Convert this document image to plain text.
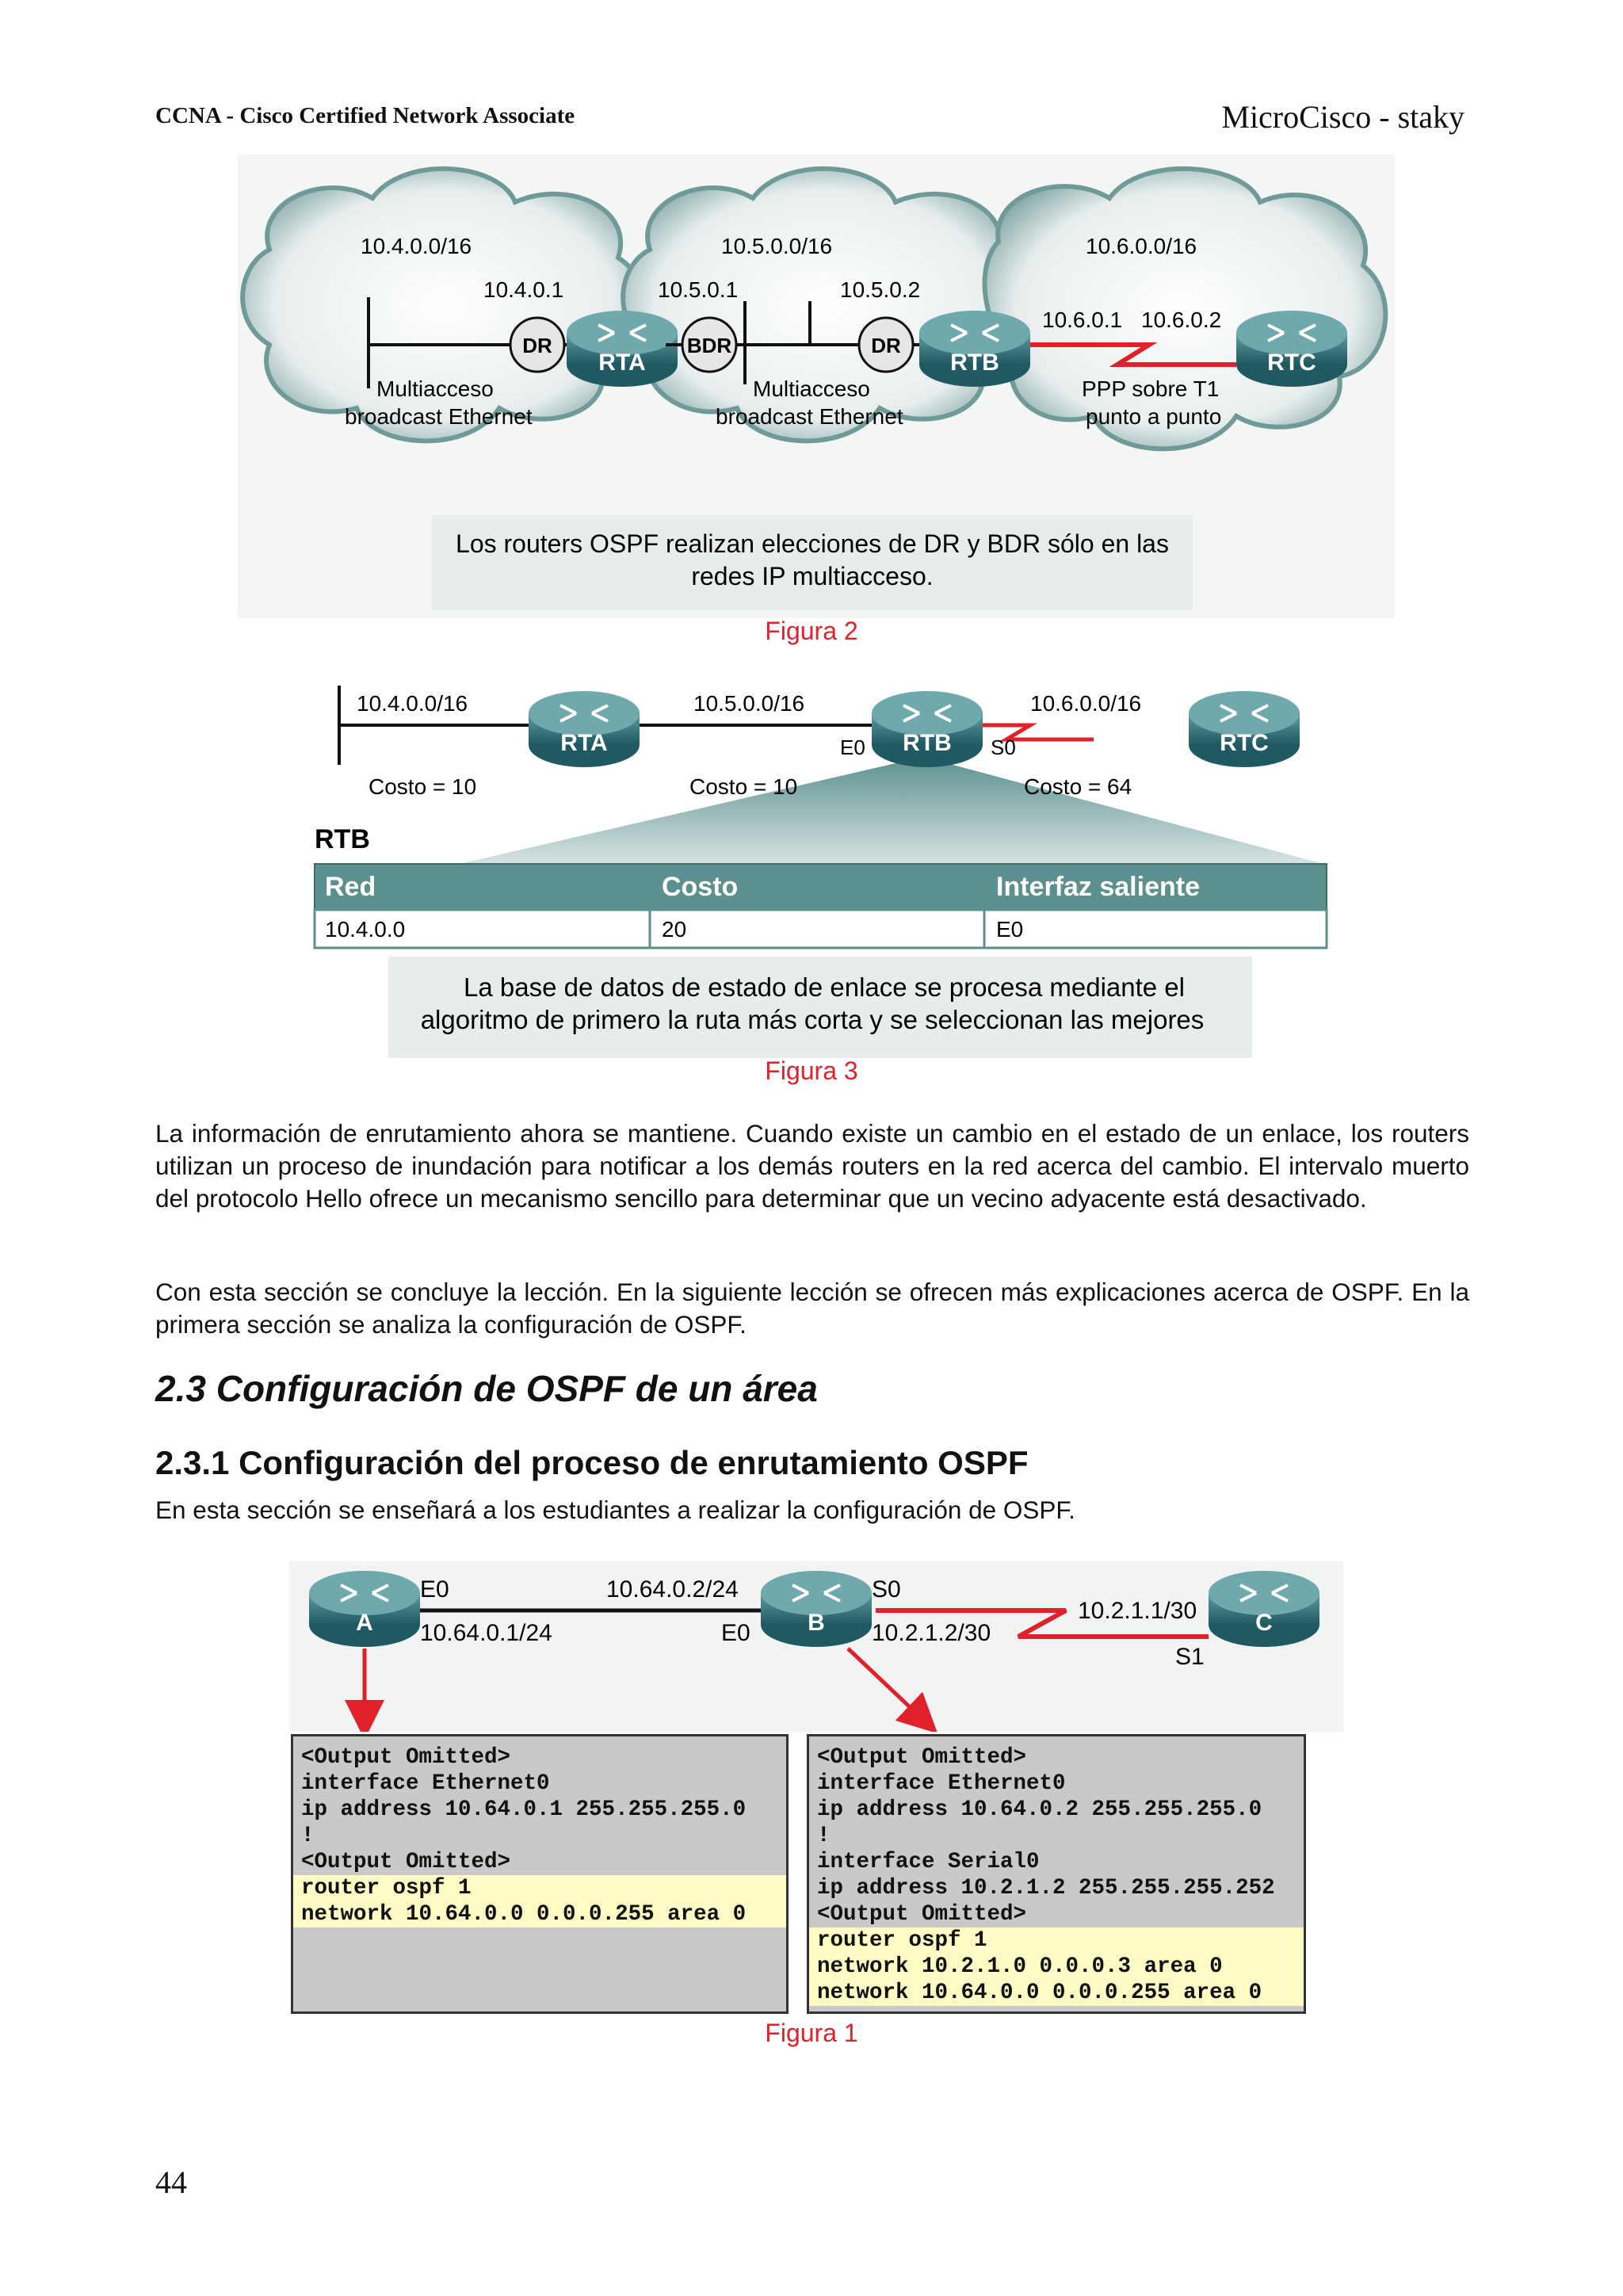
CCNA - Cisco Certified Network Associate	MicroCisco - staky
10.4.0.0/16
10.4.0.1
DR
RTA
Multiacceso
broadcast Ethernet
10.5.0.0/16
10.5.0.1	10.5.0.2
BDR	DR
RTB
Multiacceso
broadcast Ethernet
10.6.0.0/16
10.6.0.1 10.6.0.2
RTC
PPP sobre T1
punto a punto
Los routers OSPF realizan elecciones de DR y BDR sólo en las
redes IP multiacceso.
Figura 2
10.4.0.0/16	10.5.0.0/16	10.6.0.0/16
Costo = 10	Costo = 10	Costo = 64
RTA	RTB
E0	S0	RTC
RTB
Red	Costo	Interfaz saliente
10.4.0.0	20	E0
La base de datos de estado de enlace se procesa mediante el
algoritmo de primero la ruta más corta y se seleccionan las mejores
Figura 3
La información de enrutamiento ahora se mantiene. Cuando existe un cambio en el estado de un enlace, los routers utilizan un proceso de inundación para notificar a los demás routers en la red acerca del cambio. El intervalo muerto del protocolo Hello ofrece un mecanismo sencillo para determinar que un vecino adyacente está desactivado.
Con esta sección se concluye la lección. En la siguiente lección se ofrecen más explicaciones acerca de OSPF. En la primera sección se analiza la configuración de OSPF.
2.3 Configuración de OSPF de un área
2.3.1 Configuración del proceso de enrutamiento OSPF
En esta sección se enseñará a los estudiantes a realizar la configuración de OSPF.
A	B	C
E0
10.64.0.1/24
10.64.0.2/24
E0
S0
10.2.1.2/30
10.2.1.1/30
S1
<Output Omitted>
interface Ethernet0
ip address 10.64.0.1 255.255.255.0
!
<Output Omitted>
router ospf 1
network 10.64.0.0 0.0.0.255 area 0
<Output Omitted>
interface Ethernet0
ip address 10.64.0.2 255.255.255.0
!
interface Serial0
ip address 10.2.1.2 255.255.255.252
<Output Omitted>
router ospf 1
network 10.2.1.0 0.0.0.3 area 0
network 10.64.0.0 0.0.0.255 area 0
Figura 1
44
